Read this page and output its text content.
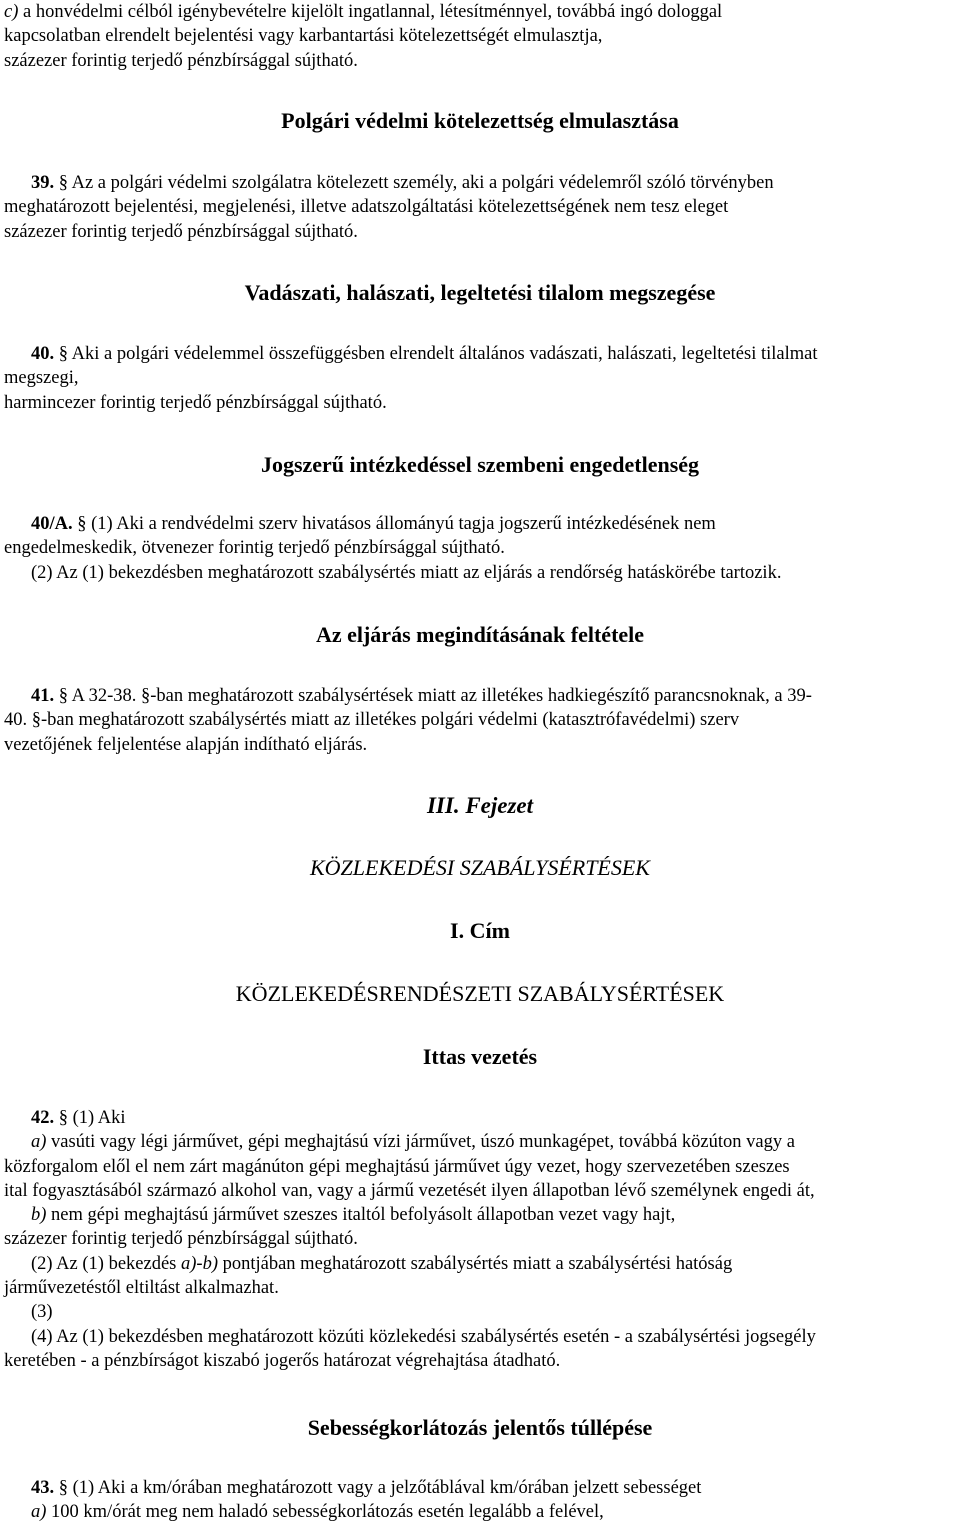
c) a honvédelmi célból igénybevételre kijelölt ingatlannal, létesítménnyel, továbbá ingó dologgal
kapcsolatban elrendelt bejelentési vagy karbantartási kötelezettségét elmulasztja,
százezer forintig terjedő pénzbírsággal sújtható.
Polgári védelmi kötelezettség elmulasztása
39. § Az a polgári védelmi szolgálatra kötelezett személy, aki a polgári védelemről szóló törvényben
meghatározott bejelentési, megjelenési, illetve adatszolgáltatási kötelezettségének nem tesz eleget
százezer forintig terjedő pénzbírsággal sújtható.
Vadászati, halászati, legeltetési tilalom megszegése
40. § Aki a polgári védelemmel összefüggésben elrendelt általános vadászati, halászati, legeltetési tilalmat
megszegi,
harmincezer forintig terjedő pénzbírsággal sújtható.
Jogszerű intézkedéssel szembeni engedetlenség
40/A. § (1) Aki a rendvédelmi szerv hivatásos állományú tagja jogszerű intézkedésének nem
engedelmeskedik, ötvenezer forintig terjedő pénzbírsággal sújtható.
(2) Az (1) bekezdésben meghatározott szabálysértés miatt az eljárás a rendőrség hatáskörébe tartozik.
Az eljárás megindításának feltétele
41. § A 32-38. §-ban meghatározott szabálysértések miatt az illetékes hadkiegészítő parancsnoknak, a 39-
40. §-ban meghatározott szabálysértés miatt az illetékes polgári védelmi (katasztrófavédelmi) szerv
vezetőjének feljelentése alapján indítható eljárás.
III. Fejezet
KÖZLEKEDÉSI SZABÁLYSÉRTÉSEK
I. Cím
KÖZLEKEDÉSRENDÉSZETI SZABÁLYSÉRTÉSEK
Ittas vezetés
42. § (1) Aki
a) vasúti vagy légi járművet, gépi meghajtású vízi járművet, úszó munkagépet, továbbá közúton vagy a
közforgalom elől el nem zárt magánúton gépi meghajtású járművet úgy vezet, hogy szervezetében szeszes
ital fogyasztásából származó alkohol van, vagy a jármű vezetését ilyen állapotban lévő személynek engedi át,
b) nem gépi meghajtású járművet szeszes italtól befolyásolt állapotban vezet vagy hajt,
százezer forintig terjedő pénzbírsággal sújtható.
(2) Az (1) bekezdés a)-b) pontjában meghatározott szabálysértés miatt a szabálysértési hatóság
járművezetéstől eltiltást alkalmazhat.
(3)
(4) Az (1) bekezdésben meghatározott közúti közlekedési szabálysértés esetén - a szabálysértési jogsegély
keretében - a pénzbírságot kiszabó jogerős határozat végrehajtása átadható.
Sebességkorlátozás jelentős túllépése
43. § (1) Aki a km/órában meghatározott vagy a jelzőtáblával km/órában jelzett sebességet
a) 100 km/órát meg nem haladó sebességkorlátozás esetén legalább a felével,
